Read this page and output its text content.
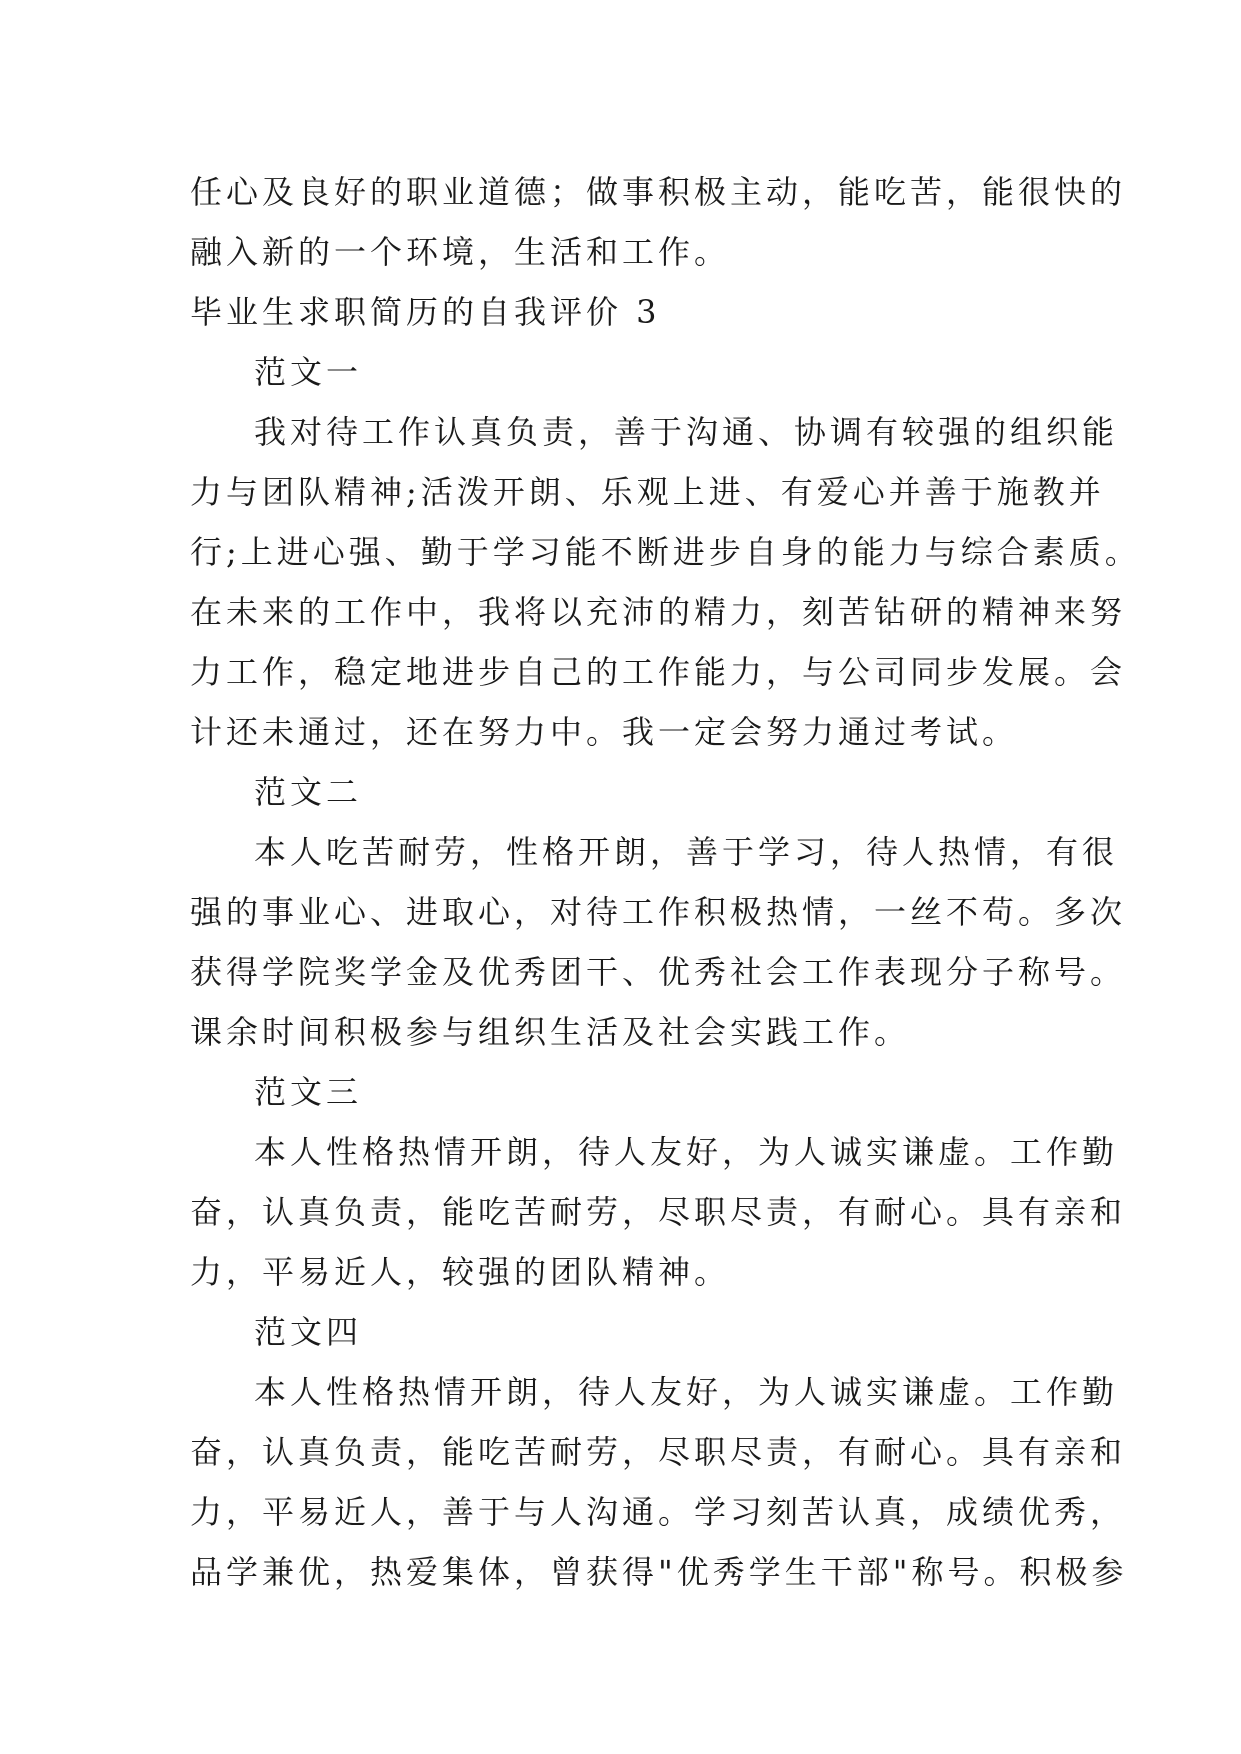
任心及良好的职业道德；做事积极主动，能吃苦，能很快的
融入新的一个环境，生活和工作。
毕业生求职简历的自我评价 3
范文一
我对待工作认真负责，善于沟通、协调有较强的组织能
力与团队精神;活泼开朗、乐观上进、有爱心并善于施教并
行;上进心强、勤于学习能不断进步自身的能力与综合素质。
在未来的工作中，我将以充沛的精力，刻苦钻研的精神来努
力工作，稳定地进步自己的工作能力，与公司同步发展。会
计还未通过，还在努力中。我一定会努力通过考试。
范文二
本人吃苦耐劳，性格开朗，善于学习，待人热情，有很
强的事业心、进取心，对待工作积极热情，一丝不苟。多次
获得学院奖学金及优秀团干、优秀社会工作表现分子称号。
课余时间积极参与组织生活及社会实践工作。
范文三
本人性格热情开朗，待人友好，为人诚实谦虚。工作勤
奋，认真负责，能吃苦耐劳，尽职尽责，有耐心。具有亲和
力，平易近人，较强的团队精神。
范文四
本人性格热情开朗，待人友好，为人诚实谦虚。工作勤
奋，认真负责，能吃苦耐劳，尽职尽责，有耐心。具有亲和
力，平易近人，善于与人沟通。学习刻苦认真，成绩优秀，
品学兼优，热爱集体，曾获得"优秀学生干部"称号。积极参
